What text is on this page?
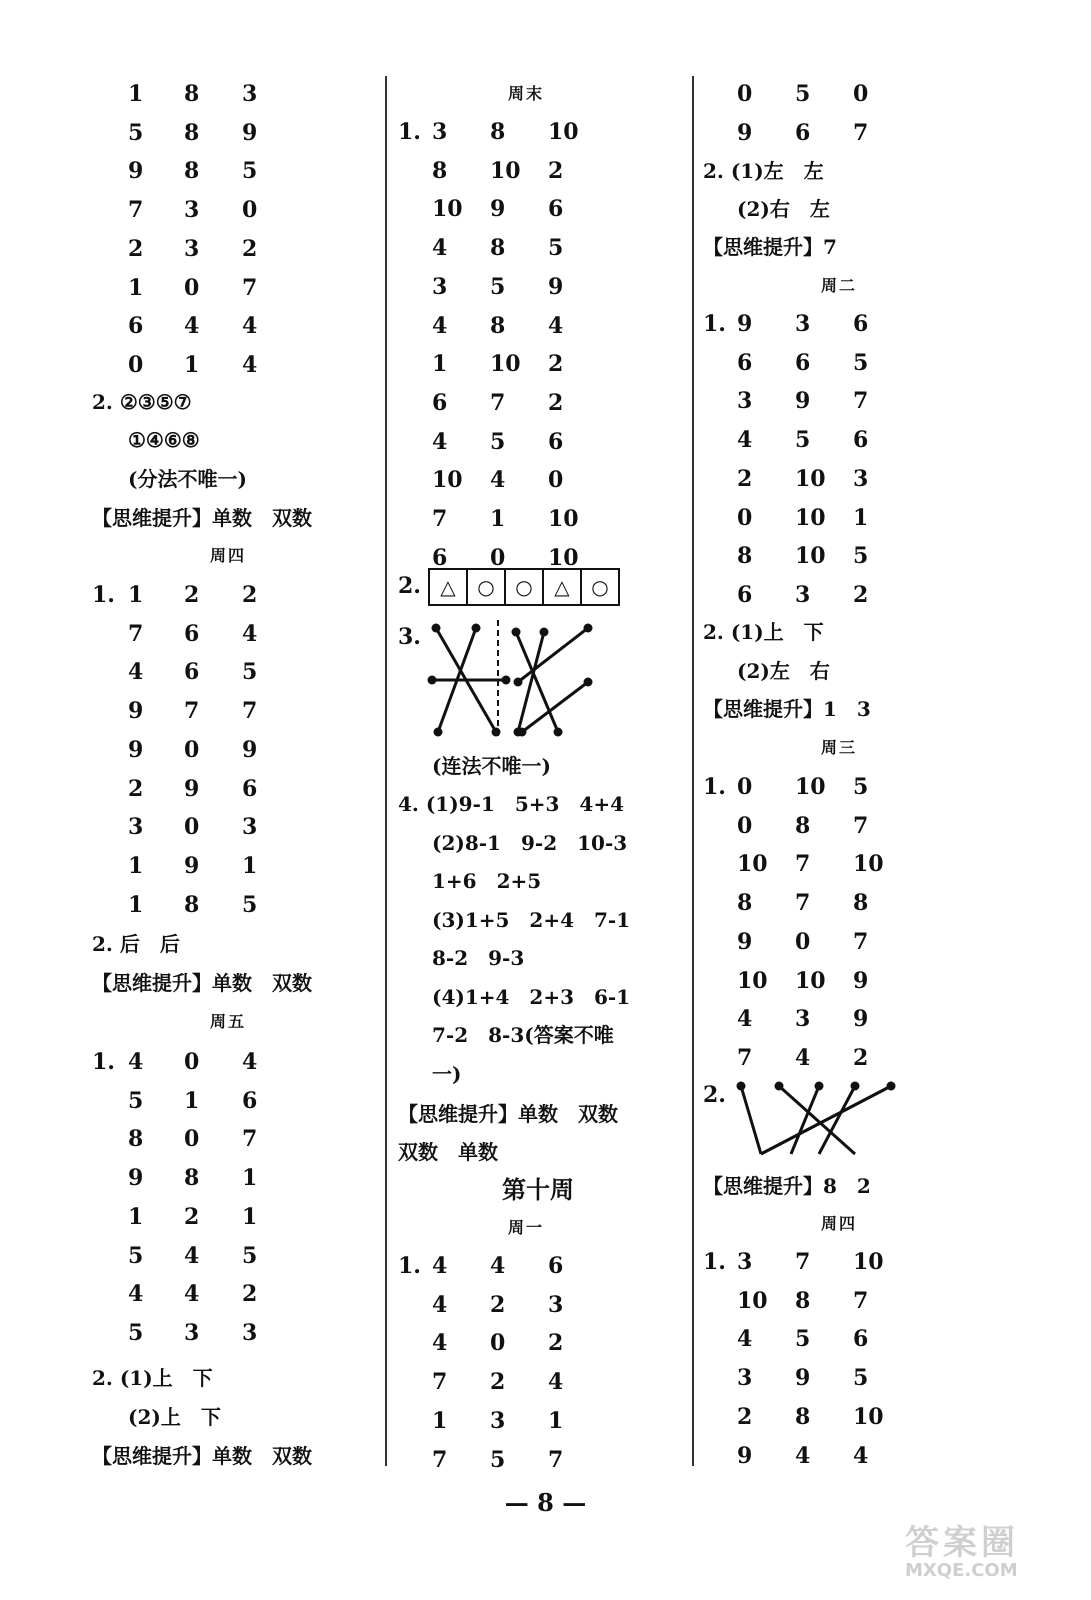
1 8 3
5 8 9
9 8 5
7 3 0
2 3 2
1 0 7
6 4 4
0 1 4
2. ②③⑤⑦
①④⑥⑧
(分法不唯一)
【思维提升】单数　双数
周四
1. 1 2 2
7 6 4
4 6 5
9 7 7
9 0 9
2 9 6
3 0 3
1 9 1
1 8 5
2. 后　后
【思维提升】单数　双数
周五
1. 4 0 4
5 1 6
8 0 7
9 8 1
1 2 1
5 4 5
4 4 2
5 3 3
2. (1)上　下
(2)上　下
【思维提升】单数　双数
周末
1. 3 8 10
8 10 2
10 9 6
4 8 5
3 5 9
4 8 4
1 10 2
6 7 2
4 5 6
10 4 0
7 1 10
6 0 10
2. △	○	○	△	○
3.
(连法不唯一)
4. (1)9-1　5+3　4+4
(2)8-1　9-2　10-3
1+6　2+5
(3)1+5　2+4　7-1
8-2　9-3
(4)1+4　2+3　6-1
7-2　8-3(答案不唯
一)
【思维提升】单数　双数
双数　单数
第十周
周一
1. 4 4 6
4 2 3
4 0 2
7 2 4
1 3 1
7 5 7
0 5 0
9 6 7
2. (1)左　左
(2)右　左
【思维提升】7
周二
1. 9 3 6
6 6 5
3 9 7
4 5 6
2 10 3
0 10 1
8 10 5
6 3 2
2. (1)上　下
(2)左　右
【思维提升】1　3
周三
1. 0 10 5
0 8 7
10 7 10
8 7 8
9 0 7
10 10 9
4 3 9
7 4 2
2.
【思维提升】8　2
周四
1. 3 7 10
10 8 7
4 5 6
3 9 5
2 8 10
9 4 4
— 8 —
答案圈
MXQE.COM
